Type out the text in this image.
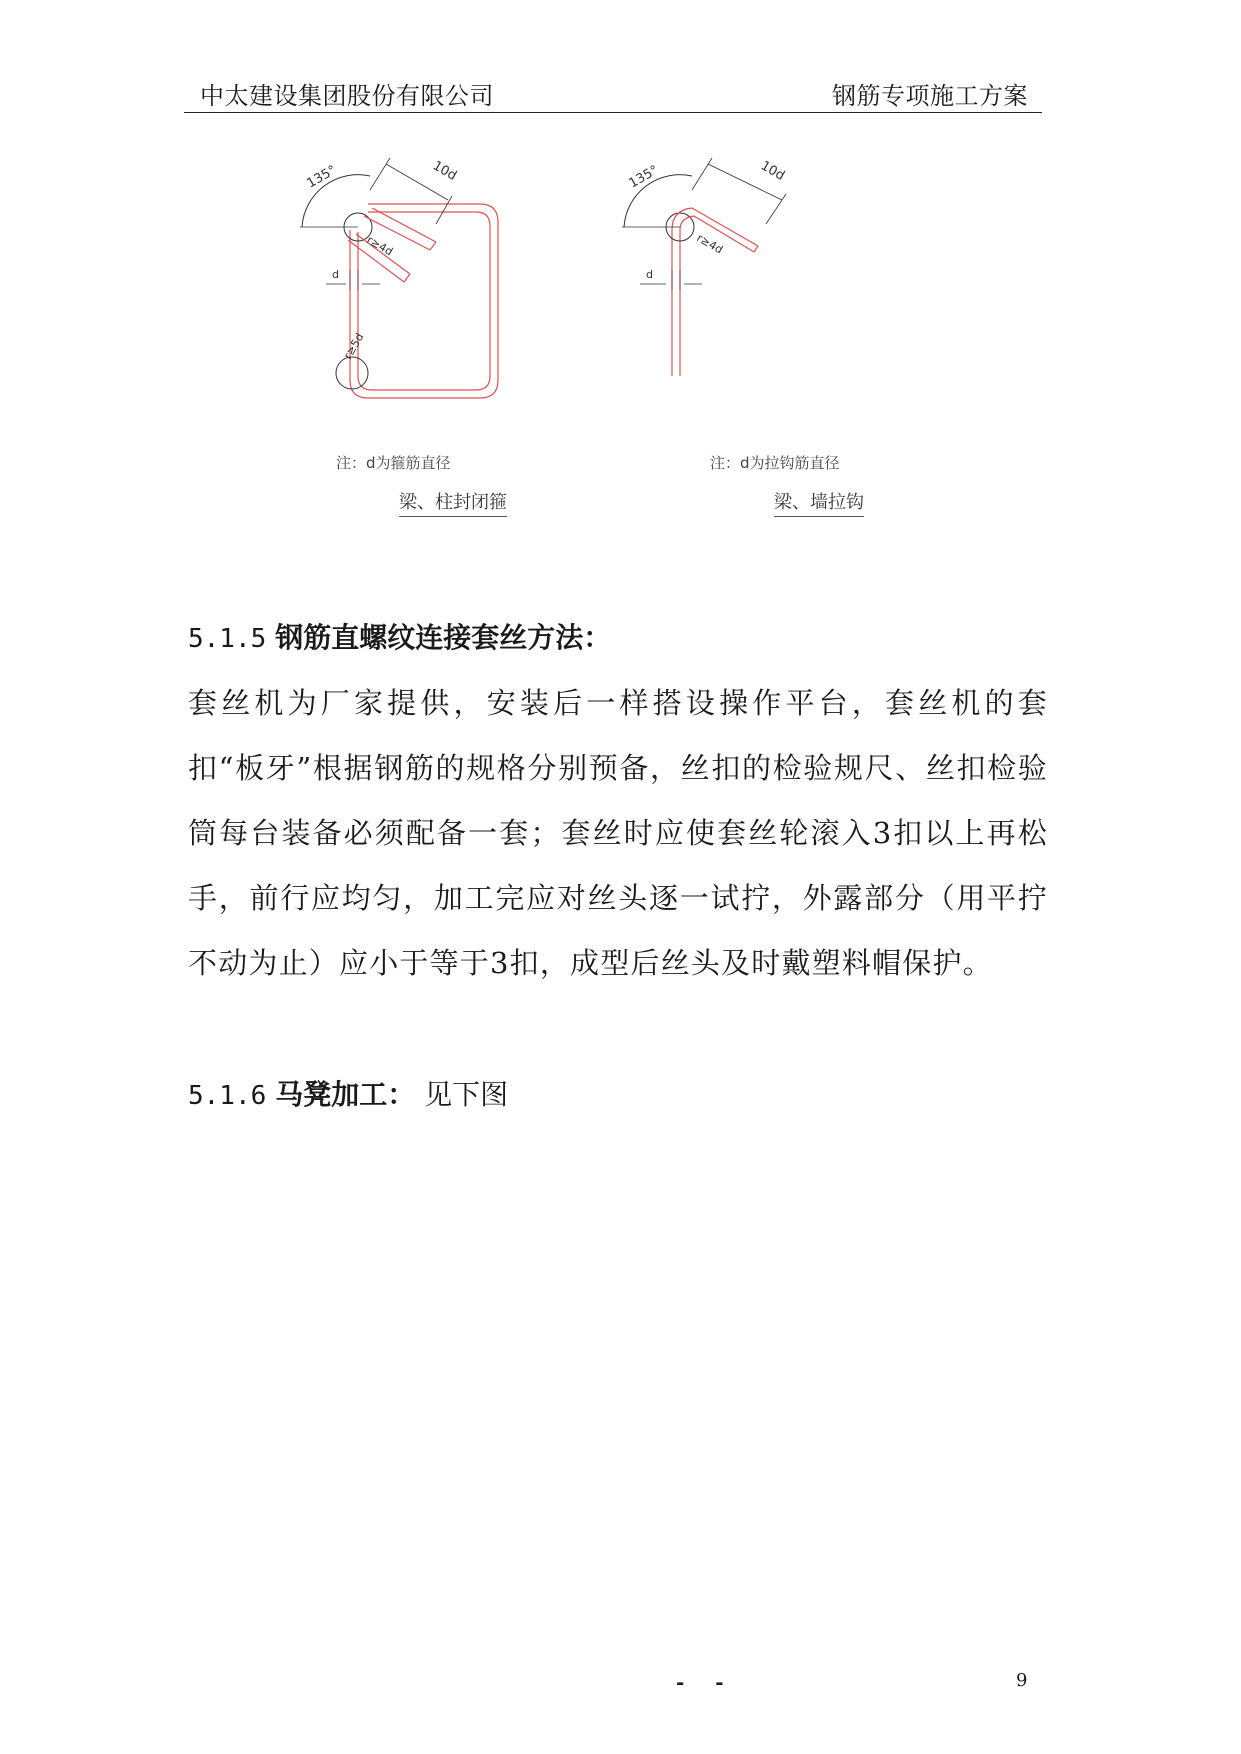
中太建设集团股份有限公司	钢筋专项施工方案
135°	10d
r≥4d
r≥5d
d
135°	10d
r≥4d
d
注：d为箍筋直径
梁、柱封闭箍
注：d为拉钩筋直径
梁、墙拉钩
5.1.5 钢筋直螺纹连接套丝方法：
套丝机为厂家提供，安装后一样搭设操作平台，套丝机的套扣“板牙”根据钢筋的规格分别预备，丝扣的检验规尺、丝扣检验筒每台装备必须配备一套；套丝时应使套丝轮滚入3扣以上再松手，前行应均匀，加工完应对丝头逐一试拧，外露部分（用平拧不动为止）应小于等于3扣，成型后丝头及时戴塑料帽保护。
5.1.6 马凳加工： 见下图
- -	9
